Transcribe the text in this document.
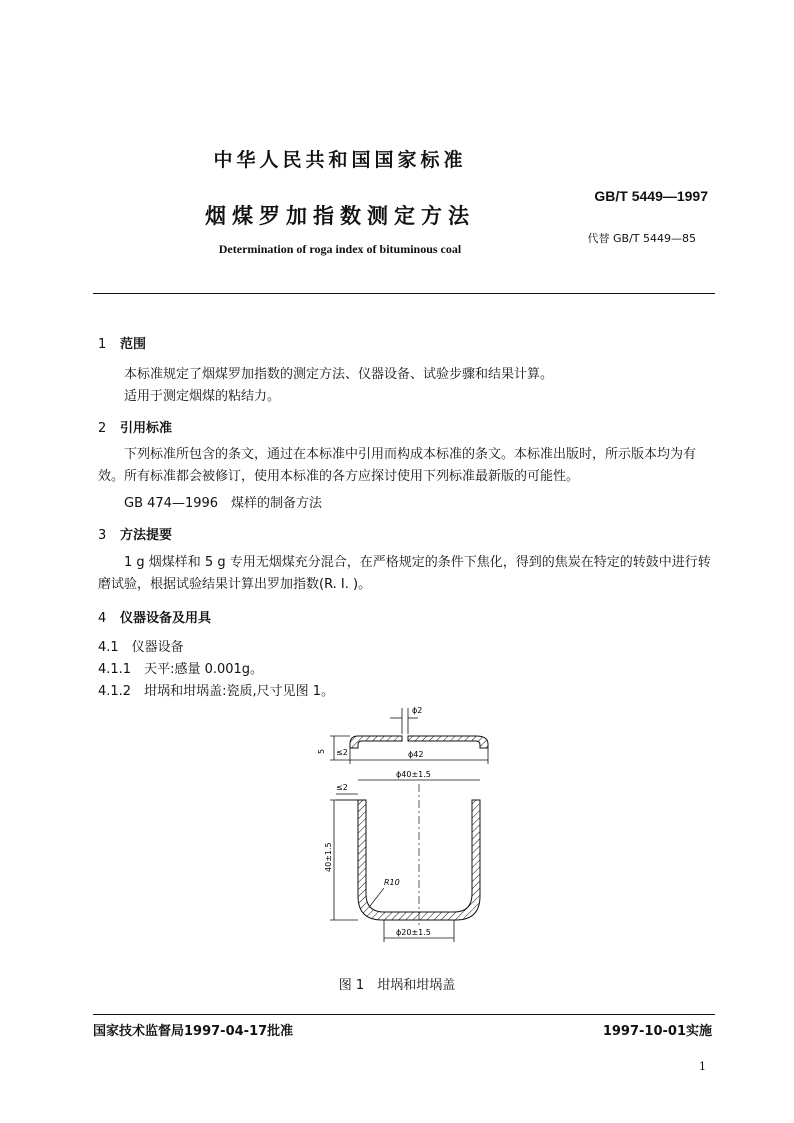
中华人民共和国国家标准
GB/T 5449—1997
烟煤罗加指数测定方法
代替 GB/T 5449—85
Determination of roga index of bituminous coal
1 范围
本标准规定了烟煤罗加指数的测定方法、仪器设备、试验步骤和结果计算。
适用于测定烟煤的粘结力。
2 引用标准
下列标准所包含的条文，通过在本标准中引用而构成本标准的条文。本标准出版时，所示版本均为有效。所有标准都会被修订，使用本标准的各方应探讨使用下列标准最新版的可能性。
GB 474—1996　煤样的制备方法
3 方法提要
1 g 烟煤样和 5 g 专用无烟煤充分混合，在严格规定的条件下焦化，得到的焦炭在特定的转鼓中进行转磨试验，根据试验结果计算出罗加指数(R. I. )。
4 仪器设备及用具
4.1　仪器设备
4.1.1　天平:感量 0.001g。
4.1.2　坩埚和坩埚盖:瓷质,尺寸见图 1。
ϕ2
5 ≤2	ϕ42
ϕ40±1.5
≤2
40±1.5
R10
ϕ20±1.5
图 1　坩埚和坩埚盖
国家技术监督局1997-04-17批准	1997-10-01实施
1
